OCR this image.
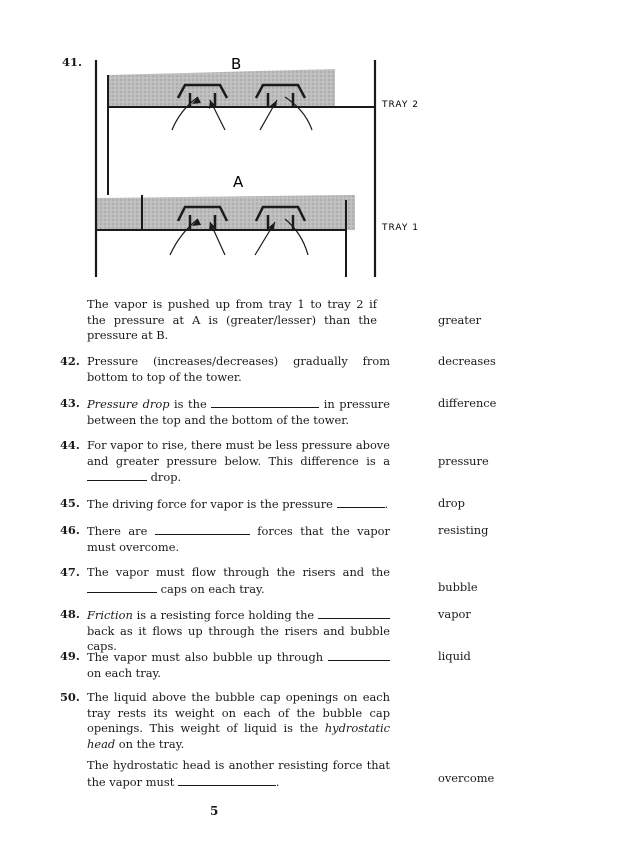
41.	B
A
TRAY 2
TRAY 1
The vapor is pushed up from tray 1 to tray 2 if the pressure at A is (greater/lesser) than the pressure at B.
greater
42. Pressure (increases/decreases) gradually from bottom to top of the tower.
decreases
43. Pressure drop is the	in pressure between the top and the bottom of the tower.
difference
44. For vapor to rise, there must be less pressure above and greater pressure below. This difference is a  drop.
pressure
45. The driving force for vapor is the pressure	.	drop
46. There are	forces that the vapor must overcome.
resisting
47. The vapor must flow through the risers and the  caps on each tray.	bubble
48. Friction is a resisting force holding the  back as it flows up through the risers and bubble caps.
vapor
49. The vapor must also bubble up through  on each tray.
liquid
50. The liquid above the bubble cap openings on each tray rests its weight on each of the bubble cap openings. This weight of liquid is the hydrostatic head on the tray.
The hydrostatic head is another resisting force that the vapor must	.	overcome
5
